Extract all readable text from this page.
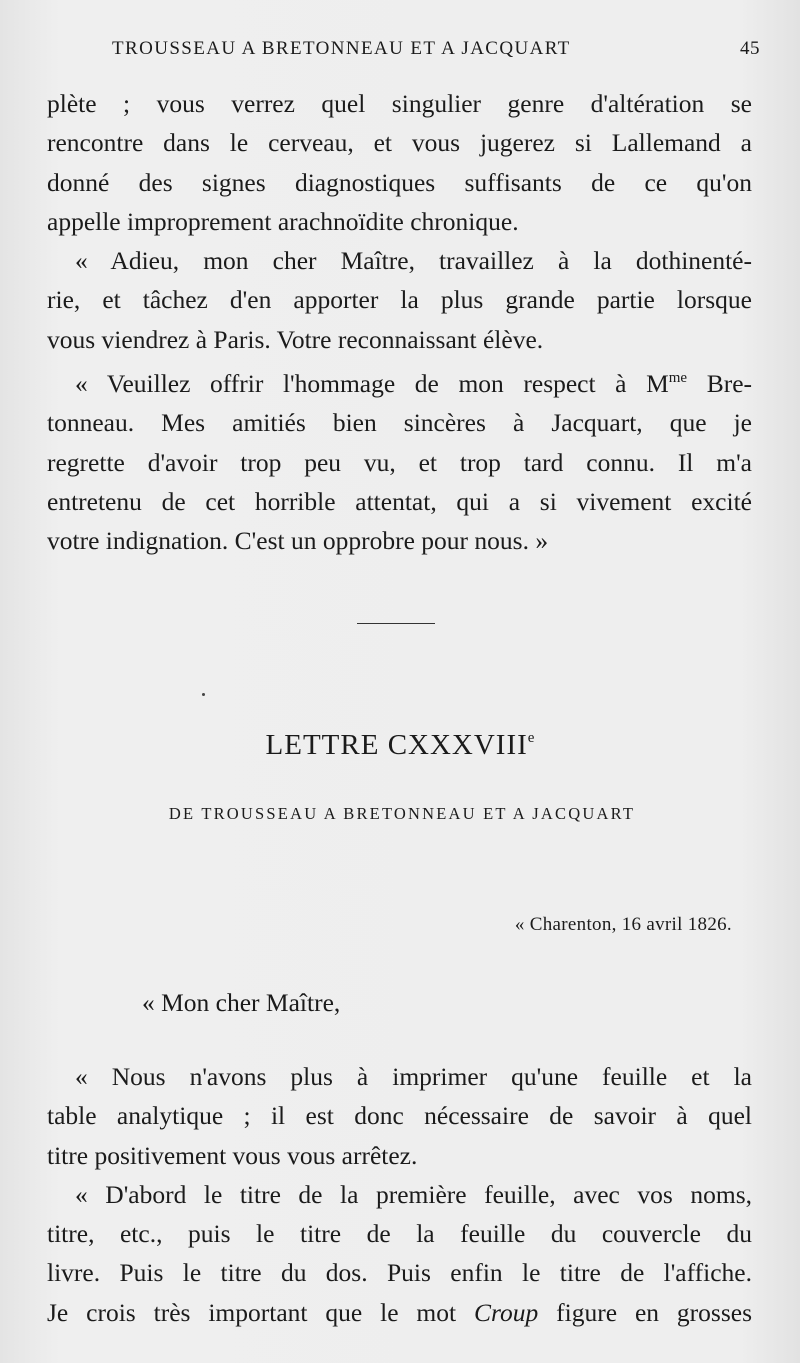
TROUSSEAU A BRETONNEAU ET A JACQUART	45
plète ; vous verrez quel singulier genre d'altération se
rencontre dans le cerveau, et vous jugerez si Lallemand a
donné des signes diagnostiques suffisants de ce qu'on
appelle improprement arachnoïdite chronique.
« Adieu, mon cher Maître, travaillez à la dothinenté-
rie, et tâchez d'en apporter la plus grande partie lorsque
vous viendrez à Paris. Votre reconnaissant élève.
« Veuillez offrir l'hommage de mon respect à $M^{me}$ Bre-
tonneau. Mes amitiés bien sincères à Jacquart, que je
regrette d'avoir trop peu vu, et trop tard connu. Il m'a
entretenu de cet horrible attentat, qui a si vivement excité
votre indignation. C'est un opprobre pour nous. »
LETTRE CXXXVIIIe
DE TROUSSEAU A BRETONNEAU ET A JACQUART
« Charenton, 16 avril 1826.
« Mon cher Maître,
« Nous n'avons plus à imprimer qu'une feuille et la
table analytique ; il est donc nécessaire de savoir à quel
titre positivement vous vous arrêtez.
« D'abord le titre de la première feuille, avec vos noms,
titre, etc., puis le titre de la feuille du couvercle du
livre. Puis le titre du dos. Puis enfin le titre de l'affiche.
Je crois très important que le mot Croup figure en grosses
